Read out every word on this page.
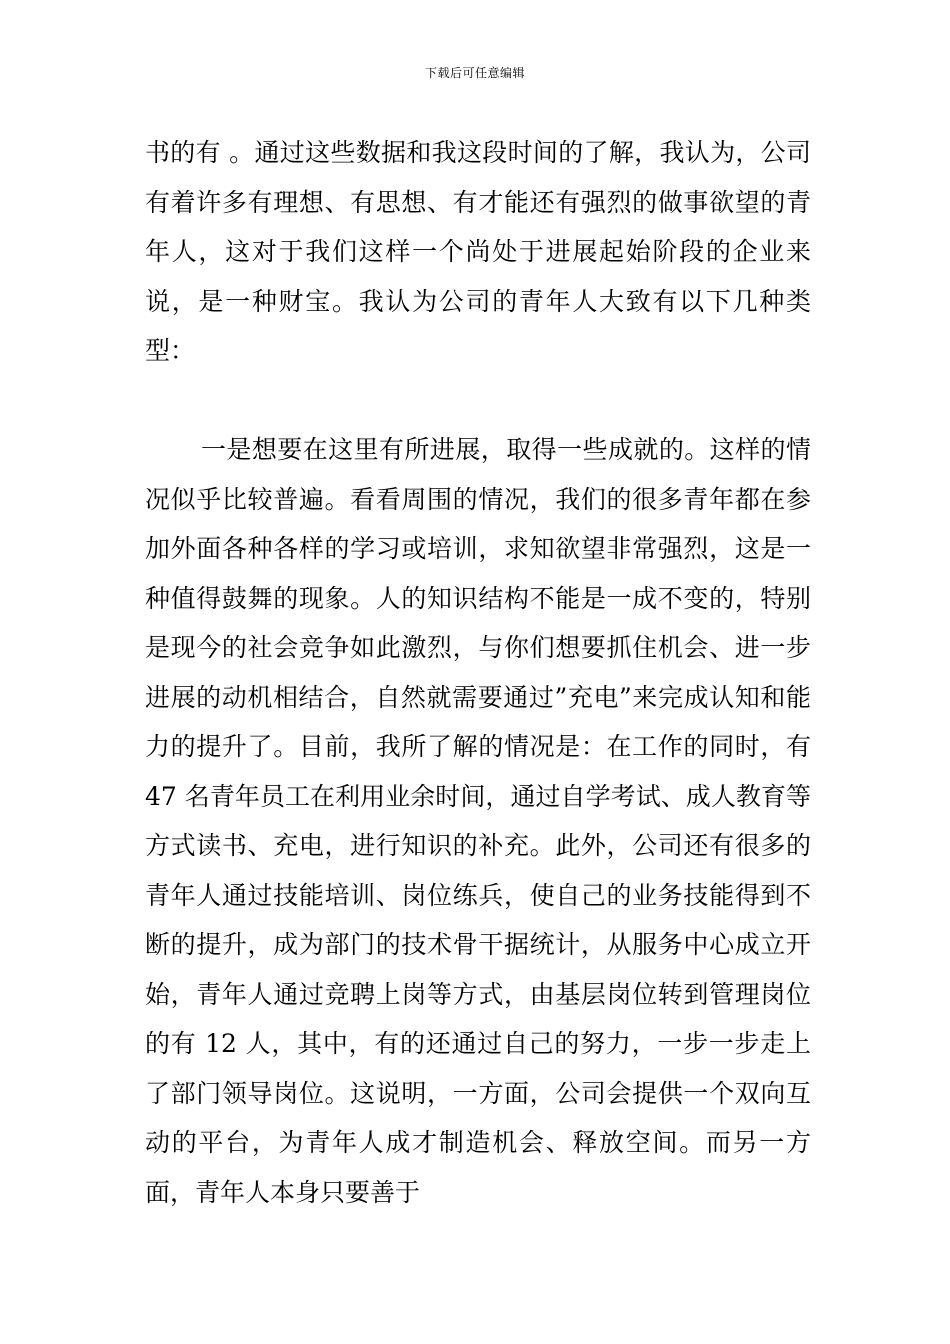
下载后可任意编辑

书的有 。通过这些数据和我这段时间的了解，我认为，公司有着许多有理想、有思想、有才能还有强烈的做事欲望的青年人，这对于我们这样一个尚处于进展起始阶段的企业来说，是一种财宝。我认为公司的青年人大致有以下几种类型：

一是想要在这里有所进展，取得一些成就的。这样的情况似乎比较普遍。看看周围的情况，我们的很多青年都在参加外面各种各样的学习或培训，求知欲望非常强烈，这是一种值得鼓舞的现象。人的知识结构不能是一成不变的，特别是现今的社会竞争如此激烈，与你们想要抓住机会、进一步进展的动机相结合，自然就需要通过”充电”来完成认知和能力的提升了。目前，我所了解的情况是：在工作的同时，有 47 名青年员工在利用业余时间，通过自学考试、成人教育等方式读书、充电，进行知识的补充。此外，公司还有很多的青年人通过技能培训、岗位练兵，使自己的业务技能得到不断的提升，成为部门的技术骨干据统计，从服务中心成立开始，青年人通过竞聘上岗等方式，由基层岗位转到管理岗位的有 12 人，其中，有的还通过自己的努力，一步一步走上了部门领导岗位。这说明，一方面，公司会提供一个双向互动的平台，为青年人成才制造机会、释放空间。而另一方面，青年人本身只要善于
